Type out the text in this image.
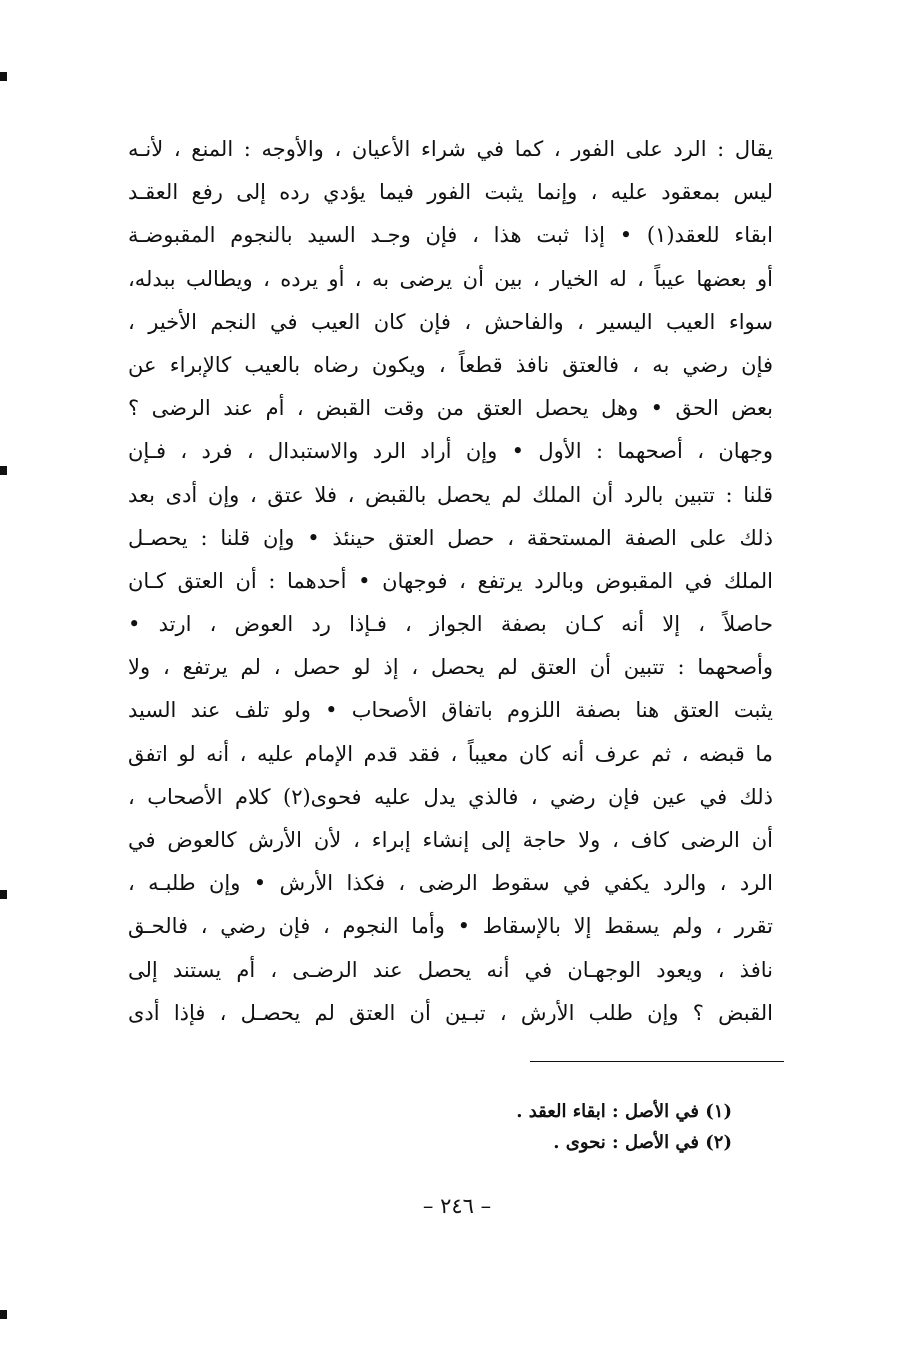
يقال : الرد على الفور ، كما في شراء الأعيان ، والأوجه : المنع ، لأنـه
ليس بمعقود عليه ، وإنما يثبت الفور فيما يؤدي رده إلى رفع العقـد
ابقاء للعقد(١) • إذا ثبت هذا ، فإن وجـد السيد بالنجوم المقبوضـة
أو بعضها عيباً ، له الخيار ، بين أن يرضى به ، أو يرده ، ويطالب ببدله،
سواء العيب اليسير ، والفاحش ، فإن كان العيب في النجم الأخير ،
فإن رضي به ، فالعتق نافذ قطعاً ، ويكون رضاه بالعيب كالإبراء عن
بعض الحق • وهل يحصل العتق من وقت القبض ، أم عند الرضى ؟
وجهان ، أصحهما : الأول • وإن أراد الرد والاستبدال ، فرد ، فـإن
قلنا : تتبين بالرد أن الملك لم يحصل بالقبض ، فلا عتق ، وإن أدى بعد
ذلك على الصفة المستحقة ، حصل العتق حينئذ • وإن قلنا : يحصـل
الملك في المقبوض وبالرد يرتفع ، فوجهان • أحدهما : أن العتق كـان
حاصلاً ، إلا أنه كـان بصفة الجواز ، فـإذا رد العوض ، ارتد •
وأصحهما : تتبين أن العتق لم يحصل ، إذ لو حصل ، لم يرتفع ، ولا
يثبت العتق هنا بصفة اللزوم باتفاق الأصحاب • ولو تلف عند السيد
ما قبضه ، ثم عرف أنه كان معيباً ، فقد قدم الإمام عليه ، أنه لو اتفق
ذلك في عين فإن رضي ، فالذي يدل عليه فحوى(٢) كلام الأصحاب ،
أن الرضى كاف ، ولا حاجة إلى إنشاء إبراء ، لأن الأرش كالعوض في
الرد ، والرد يكفي في سقوط الرضى ، فكذا الأرش • وإن طلبـه ،
تقرر ، ولم يسقط إلا بالإسقاط • وأما النجوم ، فإن رضي ، فالحـق
نافذ ، ويعود الوجهـان في أنه يحصل عند الرضـى ، أم يستند إلى
القبض ؟ وإن طلب الأرش ، تبـين أن العتق لم يحصـل ، فإذا أدى
(١) في الأصل : ابقاء العقد .
(٢) في الأصل : نحوى .
– ٢٤٦ –
